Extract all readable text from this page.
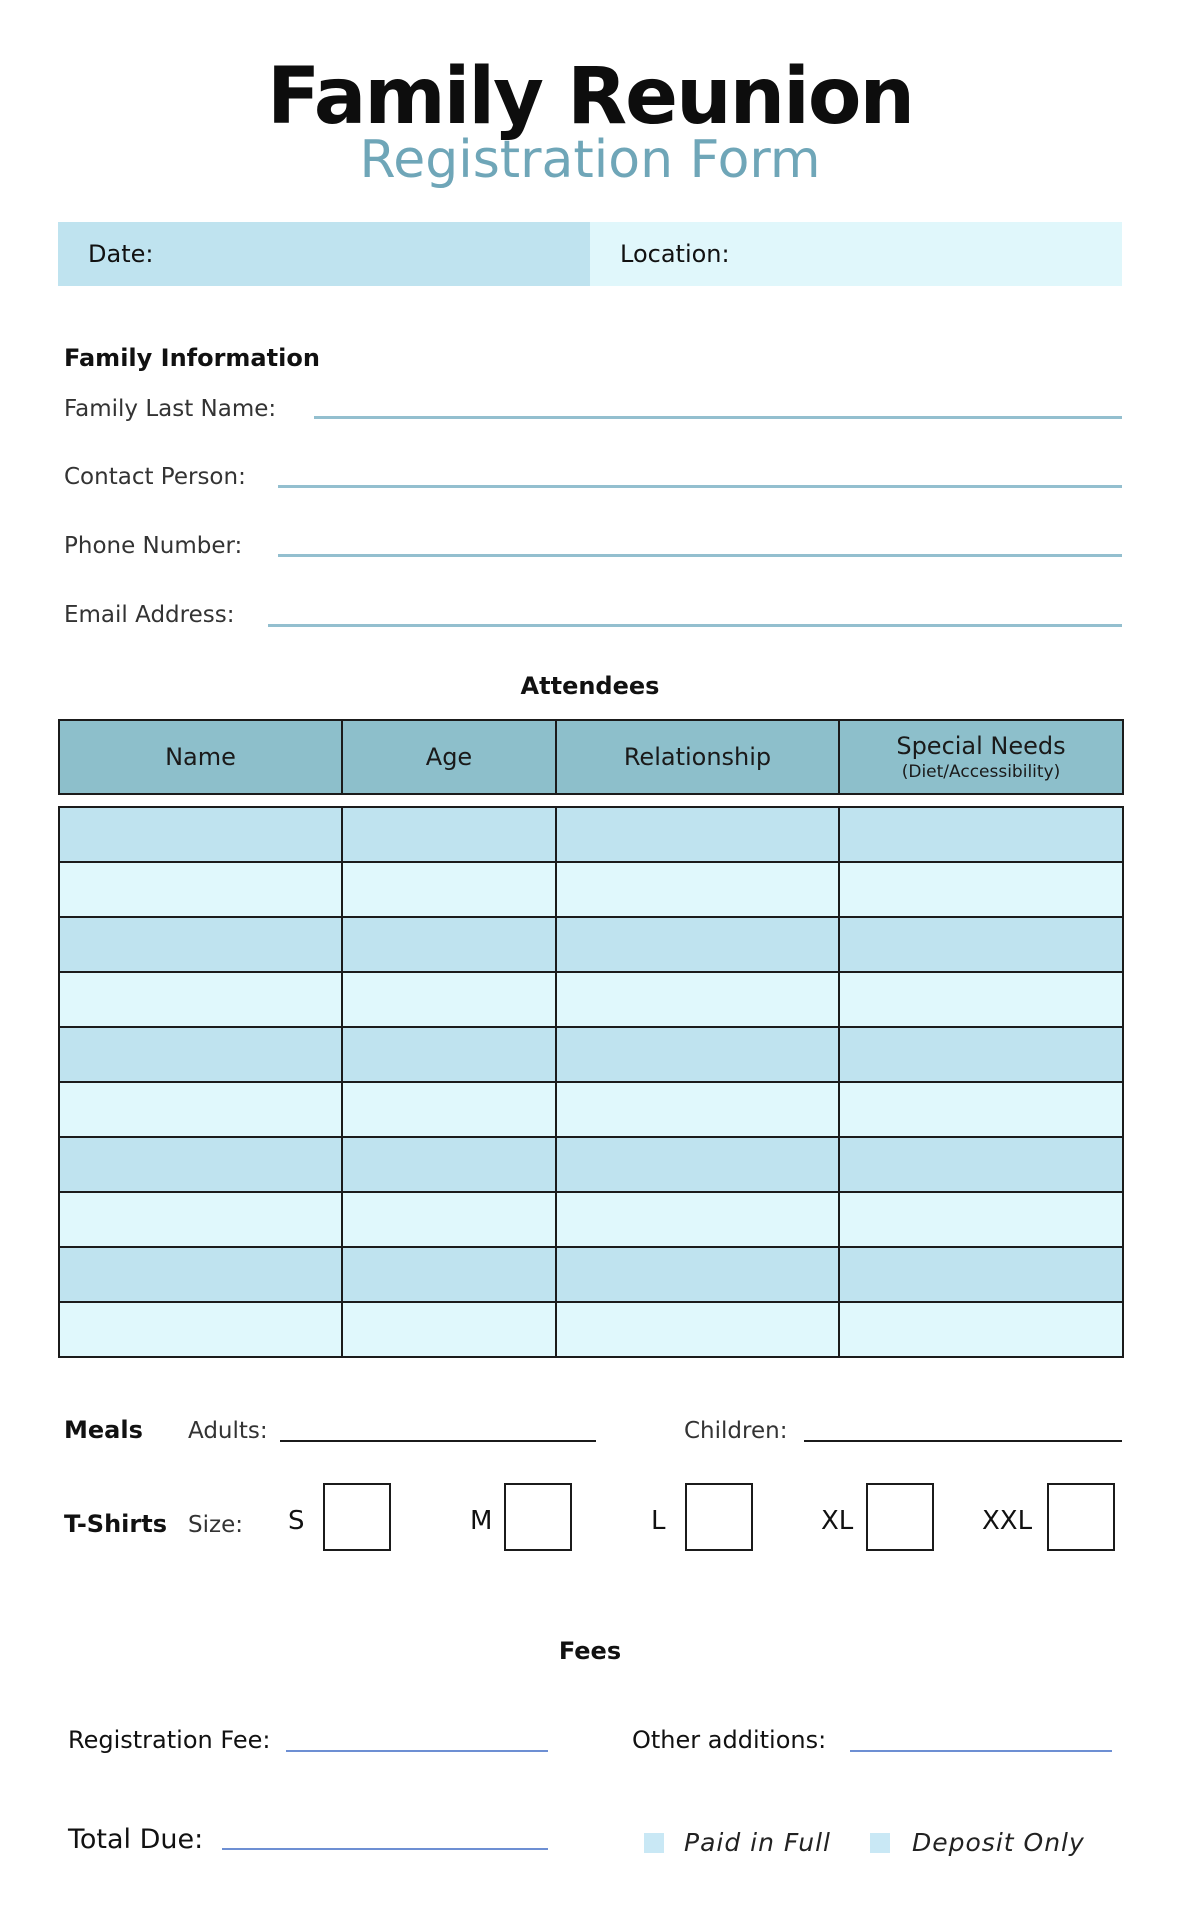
Family Reunion
Registration Form
Date:	Location:
Family Information
Family Last Name:
Contact Person:
Phone Number:
Email Address:
Attendees
Name	Age	Relationship	Special Needs
(Diet/Accessibility)

Meals Adults:	Children:
T-Shirts Size: S	M	L	XL	XXL
Fees
Registration Fee:	Other additions:
Total Due:	Paid in Full	Deposit Only
